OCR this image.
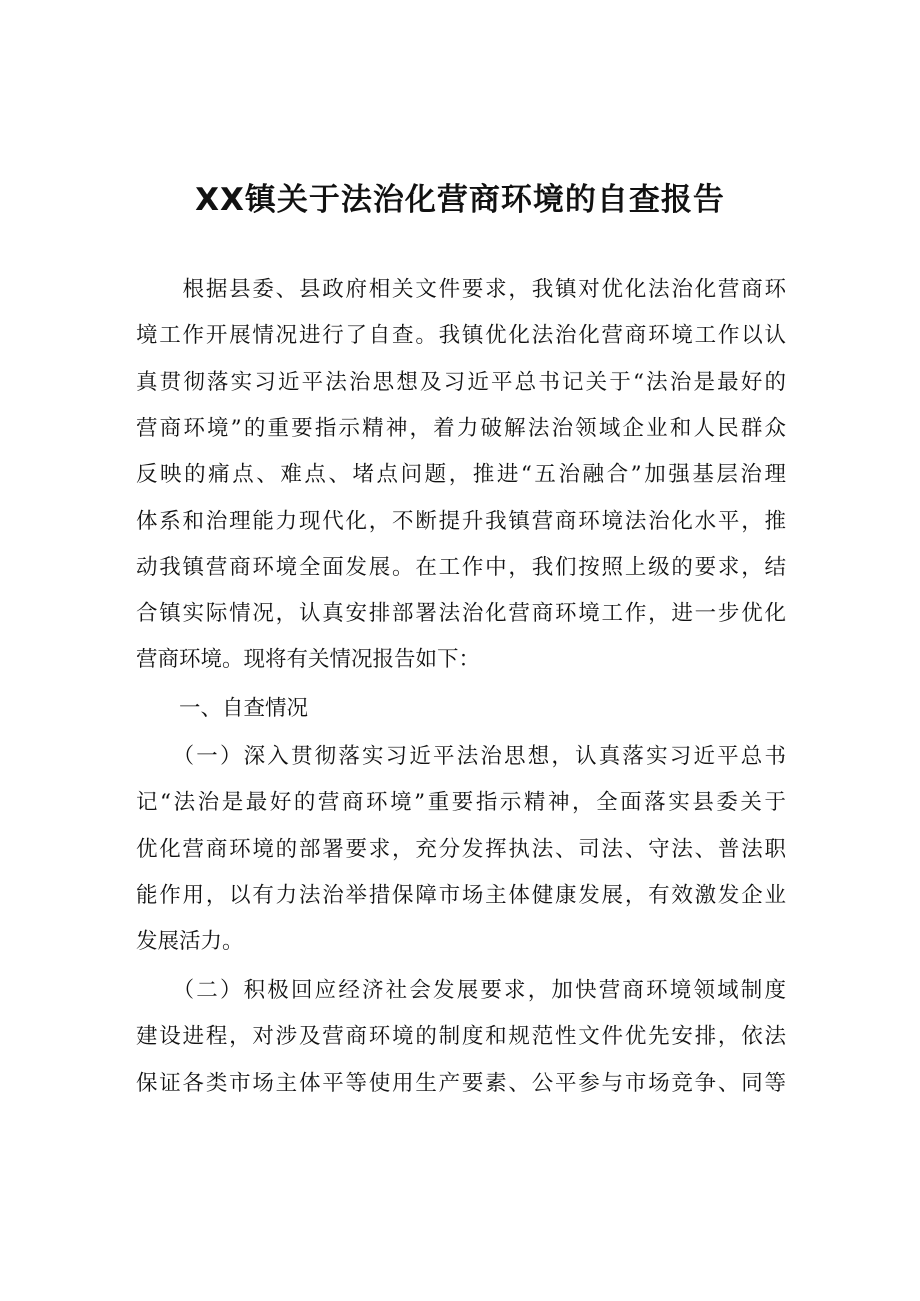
XX镇关于法治化营商环境的自查报告
　　根据县委、县政府相关文件要求，我镇对优化法治化营商环
境工作开展情况进行了自查。我镇优化法治化营商环境工作以认
真贯彻落实习近平法治思想及习近平总书记关于“法治是最好的
营商环境”的重要指示精神，着力破解法治领域企业和人民群众
反映的痛点、难点、堵点问题，推进“五治融合”加强基层治理
体系和治理能力现代化，不断提升我镇营商环境法治化水平，推
动我镇营商环境全面发展。在工作中，我们按照上级的要求，结
合镇实际情况，认真安排部署法治化营商环境工作，进一步优化
营商环境。现将有关情况报告如下：
　　一、自查情况
　　（一）深入贯彻落实习近平法治思想，认真落实习近平总书
记“法治是最好的营商环境”重要指示精神，全面落实县委关于
优化营商环境的部署要求，充分发挥执法、司法、守法、普法职
能作用，以有力法治举措保障市场主体健康发展，有效激发企业
发展活力。
　　（二）积极回应经济社会发展要求，加快营商环境领域制度
建设进程，对涉及营商环境的制度和规范性文件优先安排，依法
保证各类市场主体平等使用生产要素、公平参与市场竞争、同等
